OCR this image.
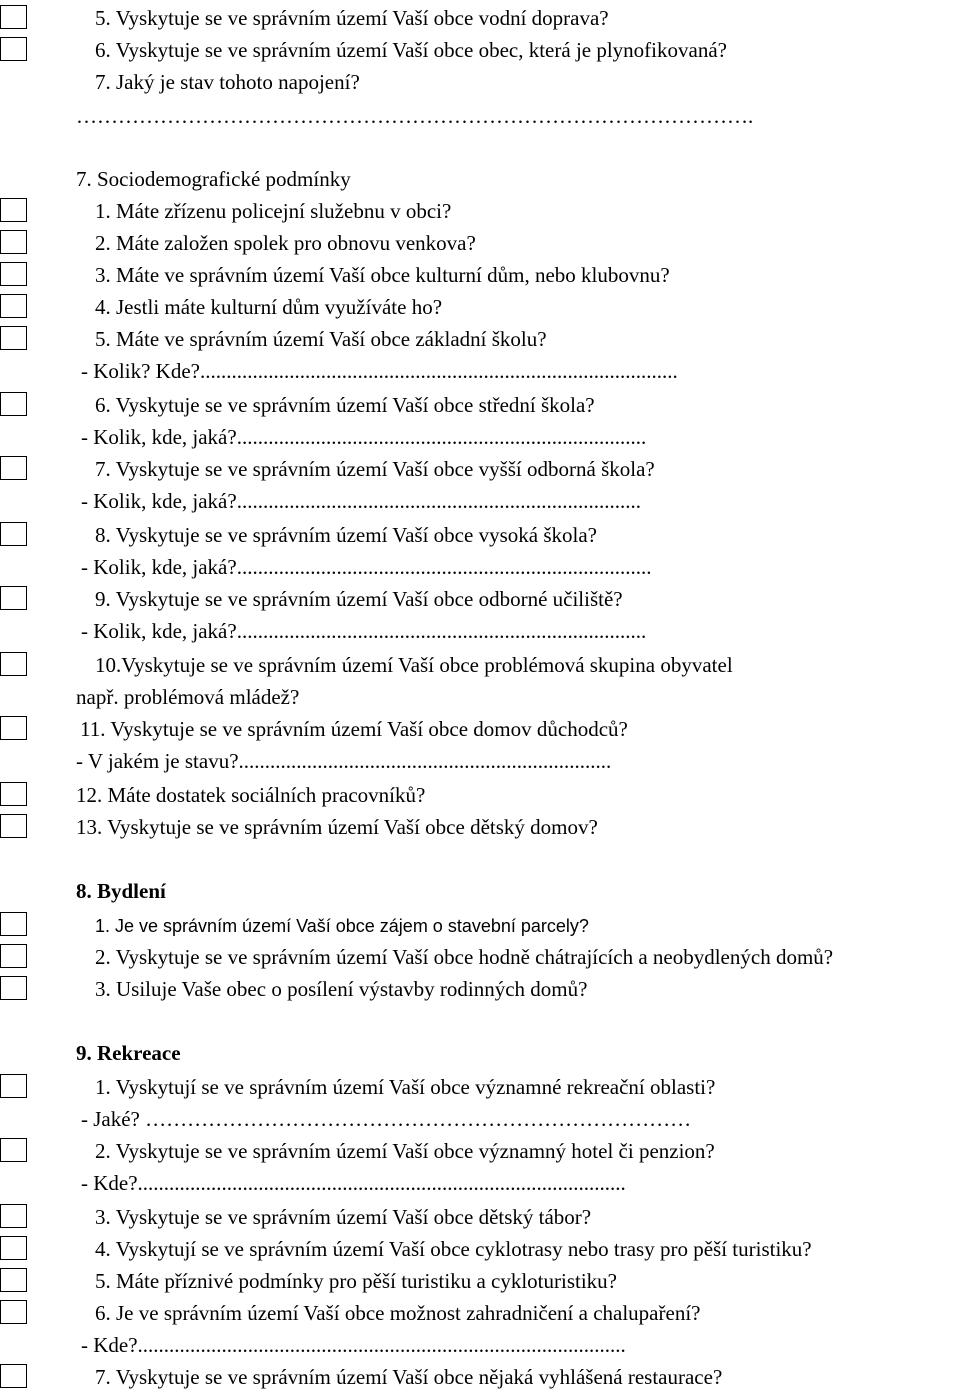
5. Vyskytuje se ve správním území Vaší obce vodní doprava?
6. Vyskytuje se ve správním území Vaší obce obec, která je plynofikovaná?
7. Jaký je stav tohoto napojení?
…………………………………………………………………………………….
7. Sociodemografické podmínky
1. Máte zřízenu policejní služebnu v obci?
2. Máte založen spolek pro obnovu venkova?
3. Máte ve správním území Vaší obce kulturní dům, nebo klubovnu?
4. Jestli máte kulturní dům využíváte ho?
5. Máte ve správním území Vaší obce základní školu?
- Kolik? Kde?...........................................................................................
6. Vyskytuje se ve správním území Vaší obce střední škola?
- Kolik, kde, jaká?..............................................................................
7. Vyskytuje se ve správním území Vaší obce vyšší odborná škola?
- Kolik, kde, jaká?.............................................................................
8. Vyskytuje se ve správním území Vaší obce vysoká škola?
- Kolik, kde, jaká?...............................................................................
9. Vyskytuje se ve správním území Vaší obce odborné učiliště?
- Kolik, kde, jaká?..............................................................................
10.Vyskytuje se ve správním území Vaší obce problémová skupina obyvatel
např. problémová mládež?
11. Vyskytuje se ve správním území Vaší obce domov důchodců?
- V jakém je stavu?.......................................................................
12. Máte dostatek sociálních pracovníků?
13. Vyskytuje se ve správním území Vaší obce dětský domov?
8. Bydlení
1. Je ve správním území Vaší obce zájem o stavební parcely?
2. Vyskytuje se ve správním území Vaší obce hodně chátrajících a neobydlených domů?
3. Usiluje Vaše obec o posílení výstavby rodinných domů?
9. Rekreace
1. Vyskytují se ve správním území Vaší obce významné rekreační oblasti?
- Jaké? ……………………………………………………………………
2. Vyskytuje se ve správním území Vaší obce významný hotel či penzion?
- Kde?.............................................................................................
3. Vyskytuje se ve správním území Vaší obce dětský tábor?
4. Vyskytují se ve správním území Vaší obce cyklotrasy nebo trasy pro pěší turistiku?
5. Máte příznivé podmínky pro pěší turistiku a cykloturistiku?
6. Je ve správním území Vaší obce možnost zahradničení a chalupaření?
- Kde?.............................................................................................
7. Vyskytuje se ve správním území Vaší obce nějaká vyhlášená restaurace?
